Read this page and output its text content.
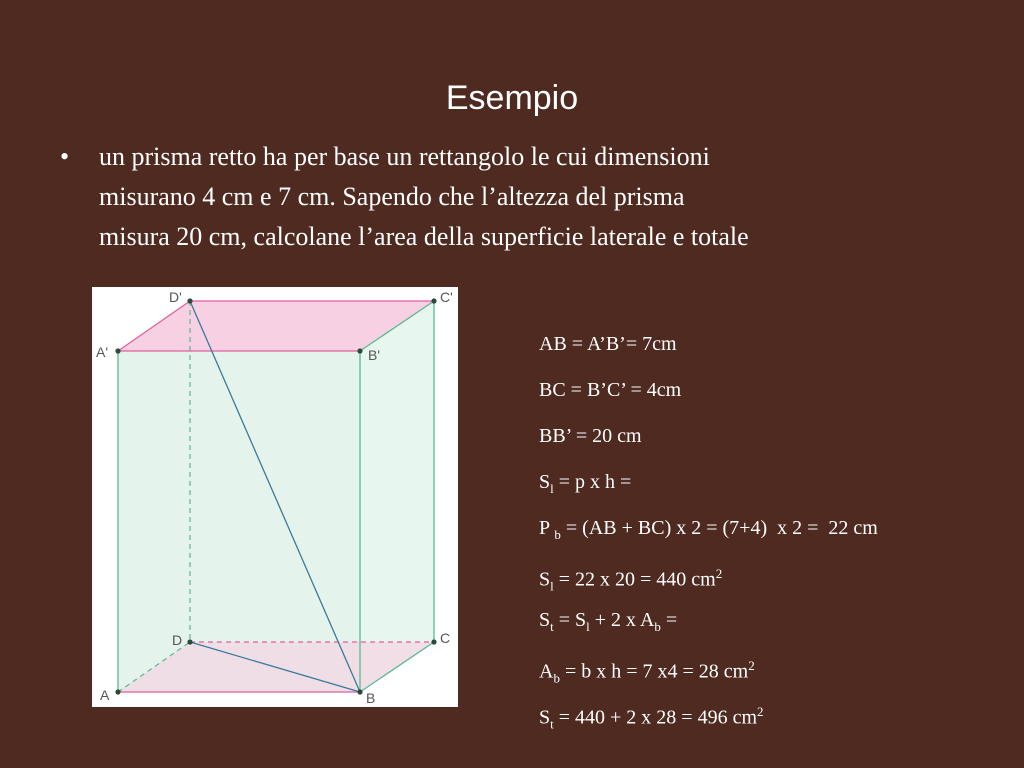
Esempio
• un prisma retto ha per base un rettangolo le cui dimensioni
misurano 4 cm e 7 cm. Sapendo che l’altezza del prisma
misura 20 cm, calcolane l’area della superficie laterale e totale
D'	C'
A'	B'
D	C
A	B
AB = A’B’= 7cm
BC = B’C’ = 4cm
BB’ = 20 cm
$S_l = p$ x h =
P $_b$ = (AB + BC) x 2 = (7+4)  x 2 =  22 cm
$S_l = 22$ x 20 = 440 $cm^2$
$S_t = S_l + 2$ x $A_b$ =
$A_b = b$ x h = 7 x4 = 28 $cm^2$
$S_t = 440 + 2$ x 28 = 496 $cm^2$
